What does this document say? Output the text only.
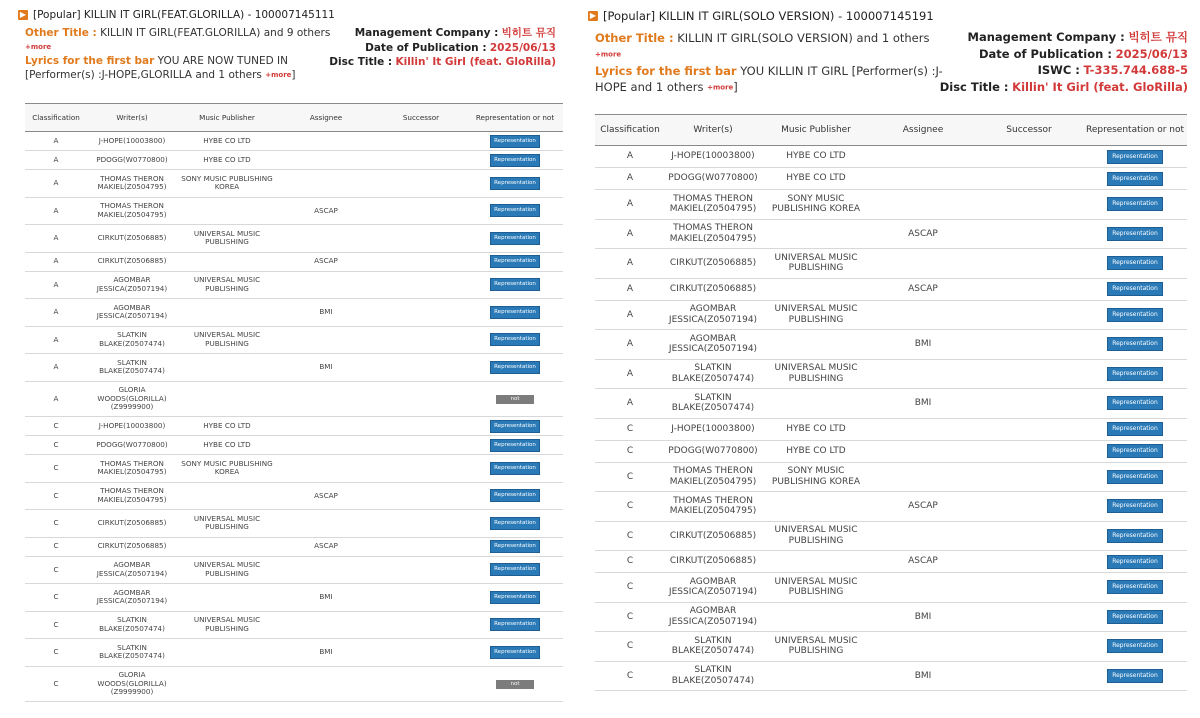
▶ [Popular] KILLIN IT GIRL(FEAT.GLORILLA) - 100007145111
Other Title : KILLIN IT GIRL(FEAT.GLORILLA) and 9 others +more
Lyrics for the first bar YOU ARE NOW TUNED IN [Performer(s) :J-HOPE,GLORILLA and 1 others +more]
Management Company : 빅히트 뮤직
Date of Publication : 2025/06/13
Disc Title : Killin' It Girl (feat. GloRilla)
Classification	Writer(s)	Music Publisher	Assignee	Successor	Representation or not
A	J-HOPE(10003800)	HYBE CO LTD			Representation
A	PDOGG(W0770800)	HYBE CO LTD			Representation
A	THOMAS THERON MAKIEL(Z0504795)	SONY MUSIC PUBLISHING KOREA			Representation
A	THOMAS THERON MAKIEL(Z0504795)		ASCAP		Representation
A	CIRKUT(Z0506885)	UNIVERSAL MUSIC PUBLISHING			Representation
A	CIRKUT(Z0506885)		ASCAP		Representation
A	AGOMBAR JESSICA(Z0507194)	UNIVERSAL MUSIC PUBLISHING			Representation
A	AGOMBAR JESSICA(Z0507194)		BMI		Representation
A	SLATKIN BLAKE(Z0507474)	UNIVERSAL MUSIC PUBLISHING			Representation
A	SLATKIN BLAKE(Z0507474)		BMI		Representation
A	GLORIA WOODS(GLORILLA) (Z9999900)				not
C	J-HOPE(10003800)	HYBE CO LTD			Representation
C	PDOGG(W0770800)	HYBE CO LTD			Representation
C	THOMAS THERON MAKIEL(Z0504795)	SONY MUSIC PUBLISHING KOREA			Representation
C	THOMAS THERON MAKIEL(Z0504795)		ASCAP		Representation
C	CIRKUT(Z0506885)	UNIVERSAL MUSIC PUBLISHING			Representation
C	CIRKUT(Z0506885)		ASCAP		Representation
C	AGOMBAR JESSICA(Z0507194)	UNIVERSAL MUSIC PUBLISHING			Representation
C	AGOMBAR JESSICA(Z0507194)		BMI		Representation
C	SLATKIN BLAKE(Z0507474)	UNIVERSAL MUSIC PUBLISHING			Representation
C	SLATKIN BLAKE(Z0507474)		BMI		Representation
C	GLORIA WOODS(GLORILLA) (Z9999900)				not
▶ [Popular] KILLIN IT GIRL(SOLO VERSION) - 100007145191
Other Title : KILLIN IT GIRL(SOLO VERSION) and 1 others +more
Lyrics for the first bar YOU KILLIN IT GIRL [Performer(s) :J-HOPE and 1 others +more]
Management Company : 빅히트 뮤직
Date of Publication : 2025/06/13
ISWC : T-335.744.688-5
Disc Title : Killin' It Girl (feat. GloRilla)
Classification	Writer(s)	Music Publisher	Assignee	Successor	Representation or not
A	J-HOPE(10003800)	HYBE CO LTD			Representation
A	PDOGG(W0770800)	HYBE CO LTD			Representation
A	THOMAS THERON MAKIEL(Z0504795)	SONY MUSIC PUBLISHING KOREA			Representation
A	THOMAS THERON MAKIEL(Z0504795)		ASCAP		Representation
A	CIRKUT(Z0506885)	UNIVERSAL MUSIC PUBLISHING			Representation
A	CIRKUT(Z0506885)		ASCAP		Representation
A	AGOMBAR JESSICA(Z0507194)	UNIVERSAL MUSIC PUBLISHING			Representation
A	AGOMBAR JESSICA(Z0507194)		BMI		Representation
A	SLATKIN BLAKE(Z0507474)	UNIVERSAL MUSIC PUBLISHING			Representation
A	SLATKIN BLAKE(Z0507474)		BMI		Representation
C	J-HOPE(10003800)	HYBE CO LTD			Representation
C	PDOGG(W0770800)	HYBE CO LTD			Representation
C	THOMAS THERON MAKIEL(Z0504795)	SONY MUSIC PUBLISHING KOREA			Representation
C	THOMAS THERON MAKIEL(Z0504795)		ASCAP		Representation
C	CIRKUT(Z0506885)	UNIVERSAL MUSIC PUBLISHING			Representation
C	CIRKUT(Z0506885)		ASCAP		Representation
C	AGOMBAR JESSICA(Z0507194)	UNIVERSAL MUSIC PUBLISHING			Representation
C	AGOMBAR JESSICA(Z0507194)		BMI		Representation
C	SLATKIN BLAKE(Z0507474)	UNIVERSAL MUSIC PUBLISHING			Representation
C	SLATKIN BLAKE(Z0507474)		BMI		Representation
